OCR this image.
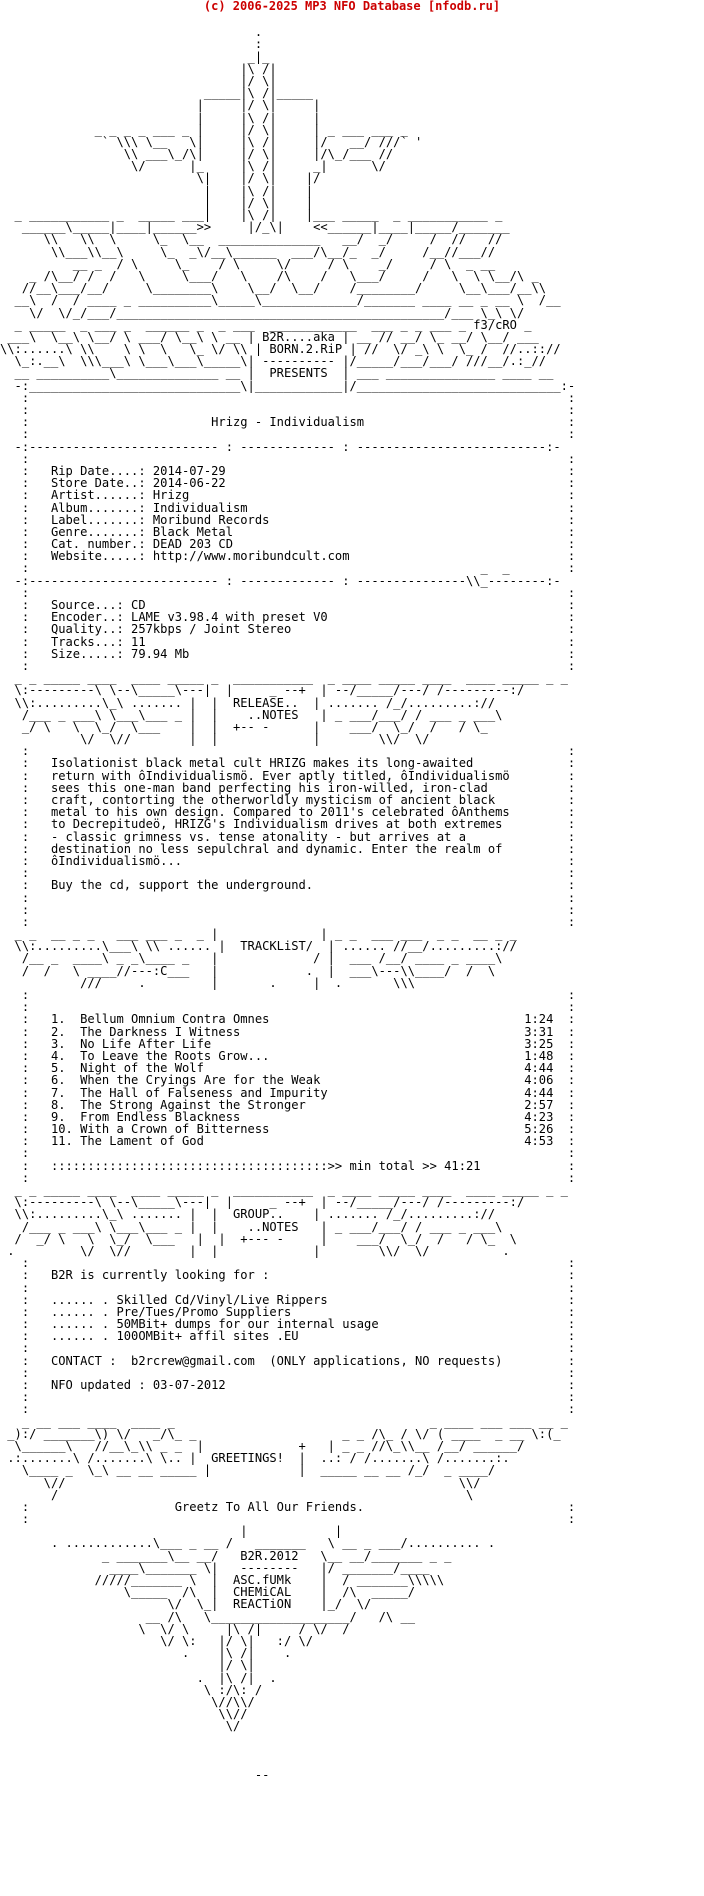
(c) 2006-2025 MP3 NFO Database [nfodb.ru]

.
:
_|_
|\ /|
|/ \|
_____|\ /|_____
|     |/ \|     |
|     |\ /|     |
_ _ _ _ ___ _ |     |/ \|     | _ ___ ___ _
` \\\ \__   \|     |\ /|     |/   __/ ///` '
\\ ___\_/\|     |/ \|     |/\_/___ //
\/      |_     |\ /|     _|      \/
\|    |/ \|    |/
|    |\ /|    |
|    |/ \|    |
_ ___________ _  _____ ___|    |\ /|    |___ _____  _ ___________ _
______\_____|____|______>>     |/_\|    <<______|____|_____/_______
\\   \\  \     \_  \__  ______________   __/  _/     /  //   //
\\___\\__\     \_  _\/__\______  ___/\__/_  _/     /__//___//
__ _  / \     \_    / \     \/     / \    _/     / \  _ __
_ /\__/ /  /   \     \___/   \    /\    /   \___/     /   \  \ \__/\ _
//__\___/__/     \________\    \__/  \__/    /________/     \__\___/__\\
__\  /  / ____ _ __________\_____\_____________/_______ ____ __ _ __ \  /__
\/  \/_/___/_____________________________________________/___ \_\ \/
_ _____  _ ___ _  ______ _  _ ___  ____________  ___ _ _ ___ _ f3/cRO _
___\  \__\ \__/ \ ___/ \__\ \ __ | B2R....aka | __ // __/ \_ __/ \__/ ___
\\:......\ \\    \ \  \   \_ \/ \\ | BORN.2.RiP | //  \/ _\ \  \_ /  //..:://
\_:.__\  \\\___\ \___\___\_____\| ---------- |/_____/___/___/ ///__/.:_//
__ __________\______________ __ |  PRESENTS  | ___ _______________ ____ __
-:_____________________________\|____________|/____________________________:-
:                                                                          :
:                                                                          :
:                         Hrizg - Individualism                            :
:                                                                          :
-:-------------------------- : ------------- : --------------------------:-
:                                                                          :
:   Rip Date....: 2014-07-29                                               :
:   Store Date..: 2014-06-22                                               :
:   Artist......: Hrizg                                                    :
:   Album.......: Individualism                                            :
:   Label.......: Moribund Records                                         :
:   Genre.......: Black Metal                                              :
:   Cat. number.: DEAD 203 CD                                              :
:   Website.....: http://www.moribundcult.com                              :
:                                                              _  _        :
-:-------------------------- : ------------- : ---------------\\_--------:-
:                                                                          :
:   Source...: CD                                                          :
:   Encoder..: LAME v3.98.4 with preset V0                                 :
:   Quality..: 257kbps / Joint Stereo                                      :
:   Tracks...: 11                                                          :
:   Size.....: 79.94 Mb                                                    :
:                                                                          :
_ _ _____ ____  ____ _____ _  ___________  _ ____ _____ ____  ____ _____ _ _
\:---------\ \--\_____\---|  |     _ --+  | --/_____/---/ /---------:/
\\:.........\_\ ....... |  |  RELEASE..  | ....... /_/.........://
/___ _ ___\ \___\___ _ |  |    ..NOTES   | _ ___/___/ / ___ _ ___\
_/ \   \  \_/  \___    |  |  +-- -      |    ___/  \_/  /   / \_
\/  \//        |  |             |        \\/  \/
:                                                                          :
:   Isolationist black metal cult HRIZG makes its long-awaited             :
:   return with ôIndividualismö. Ever aptly titled, ôIndividualismö        :
:   sees this one-man band perfecting his iron-willed, iron-clad           :
:   craft, contorting the otherworldly mysticism of ancient black          :
:   metal to his own design. Compared to 2011's celebrated ôAnthems        :
:   to Decrepitudeö, HRIZG's Individualism drives at both extremes         :
:   - classic grimness vs. tense atonality - but arrives at a              :
:   destination no less sepulchral and dynamic. Enter the realm of         :
:   ôIndividualismö...                                                     :
:                                                                          :
:   Buy the cd, support the underground.                                   :
:                                                                          :
:                                                                          :
:                                                                          :
_ _  __ _ _   ___ ___ _  _ |              | _ _  ___ ___  _ _  __ _ _
\\:.........\___\ \\ ...... |  TRACKLiST/  | ...... //__/.........://
/__ _  ____\ _ _\____ _   |             / |  ___ /__/ ____ _ ____\
/  /   \ ____//---:C___   |            .  |  ___\---\\____/  /  \
///     .         |       .     |  .       \\\
:                                                                          :
:                                                                          :
:   1.  Bellum Omnium Contra Omnes                                   1:24  :
:   2.  The Darkness I Witness                                       3:31  :
:   3.  No Life After Life                                           3:25  :
:   4.  To Leave the Roots Grow...                                   1:48  :
:   5.  Night of the Wolf                                            4:44  :
:   6.  When the Cryings Are for the Weak                            4:06  :
:   7.  The Hall of Falseness and Impurity                           4:44  :
:   8.  The Strong Against the Stronger                              2:57  :
:   9.  From Endless Blackness                                       4:23  :
:   10. With a Crown of Bitterness                                   5:26  :
:   11. The Lament of God                                            4:53  :
:                                                                          :
:   ::::::::::::::::::::::::::::::::::::::>> min total >> 41:21            :
:                                                                          :
_ _ _____ ____  ____ _____ _  ___________  _ ____ _____ ____  ____ _____ _ _
\:---------\ \--\_____\---|  |     _ --+  | --/_____/---/ /---------:/
\\:.........\_\ ....... |  |  GROUP..    | ....... /_/.........://
/___ _ ___\ \___\___ _ |  |    ..NOTES   | _ ___/___/ / ___ _ ___\
/  _/ \   \  \_/  \___   |  |  +--- -     |    ___/  \_/  /   / \_  \
.         \/  \//        |  |             |        \\/  \/          .
:                                                                          :
:   B2R is currently looking for :                                         :
:                                                                          :
:   ...... . Skilled Cd/Vinyl/Live Rippers                                 :
:   ...... . Pre/Tues/Promo Suppliers                                      :
:   ...... . 50MBit+ dumps for our internal usage                          :
:   ...... . 100OMBit+ affil sites .EU                                     :
:                                                                          :
:   CONTACT :  b2rcrew@gmail.com  (ONLY applications, NO requests)         :
:                                                                          :
:   NFO updated : 03-07-2012                                               :
:                                                                          :
:                                                                          :
_ __ ___ ____  ____ _                                   _ ____ ___ ___ __ _
_):/ _______\) \/   _/\_ _                    _ _ /\_ / \/ ( ____  _ __ \:(_
\______\   //__\_\\ _ _  |             +   | _ _ //\_\\__ /__/ ______/
.:.......\ /.......\ \.. |  GREETINGS!  |  ..: / /.......\ /.......:.
\____ _  \_\ __ __ _____ |            |  _____ __ __ /_/  _ ____/
\//                                                      \\/
/                                                        \
:                    Greetz To All Our Friends.                            :
:                                                                          :
|            |
. ............\___ _ __ /   _______   \ __ _ ___/.......... .
_ _______\__ __/   B2R.2012   \__ __/_______ _ _
____\_______ \|   --------   |/ _______/____
/////_______ \  |  ASC.fUMk    |  / _______\\\\\
\_____  /\  |  CHEMiCAL    |  /\  _____/
\/  \_|  REACTiON    |_/  \/
__ /\   \___________________/   /\ __
\  \/ \     |\ /|     / \/  /
\/ \:   |/ \|   :/ \/
.    |\ /|    .
|/ \|
.  |\ /|  .
\ :/\: /
\//\\/
\\//
\/

--
